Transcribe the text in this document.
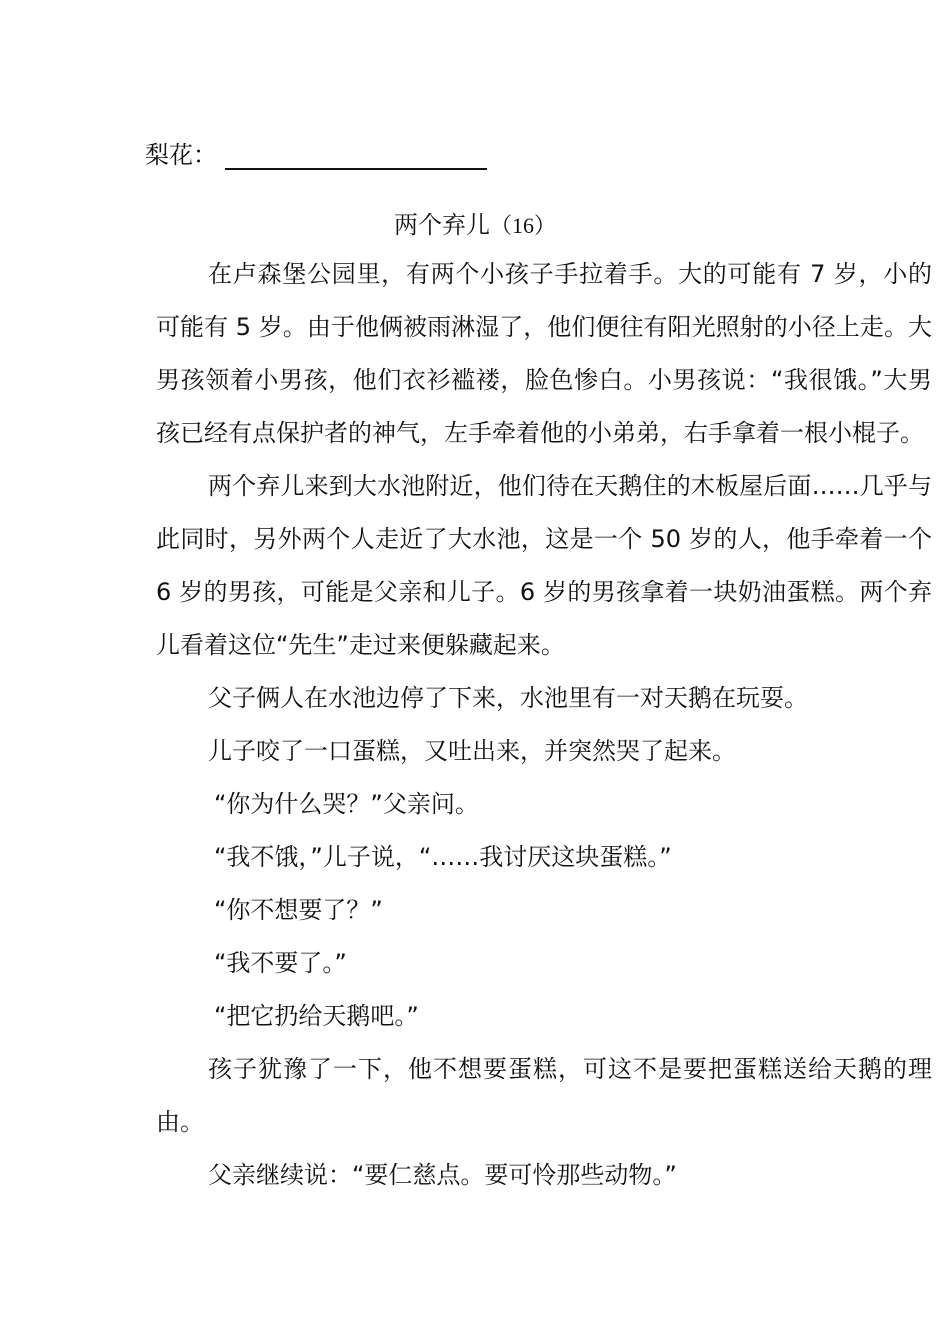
梨花：
两个弃儿（16）

在卢森堡公园里，有两个小孩子手拉着手。大的可能有 7 岁，小的可能有 5 岁。由于他俩被雨淋湿了，他们便往有阳光照射的小径上走。大男孩领着小男孩，他们衣衫褴褛，脸色惨白。小男孩说：“我很饿。”大男孩已经有点保护者的神气，左手牵着他的小弟弟，右手拿着一根小棍子。

两个弃儿来到大水池附近，他们待在天鹅住的木板屋后面……几乎与此同时，另外两个人走近了大水池，这是一个 50 岁的人，他手牵着一个 6 岁的男孩，可能是父亲和儿子。6 岁的男孩拿着一块奶油蛋糕。两个弃儿看着这位“先生”走过来便躲藏起来。

父子俩人在水池边停了下来，水池里有一对天鹅在玩耍。

儿子咬了一口蛋糕，又吐出来，并突然哭了起来。

“你为什么哭？”父亲问。

“我不饿，”儿子说，“……我讨厌这块蛋糕。”

“你不想要了？”

“我不要了。”

“把它扔给天鹅吧。”

孩子犹豫了一下，他不想要蛋糕，可这不是要把蛋糕送给天鹅的理由。

父亲继续说：“要仁慈点。要可怜那些动物。”
